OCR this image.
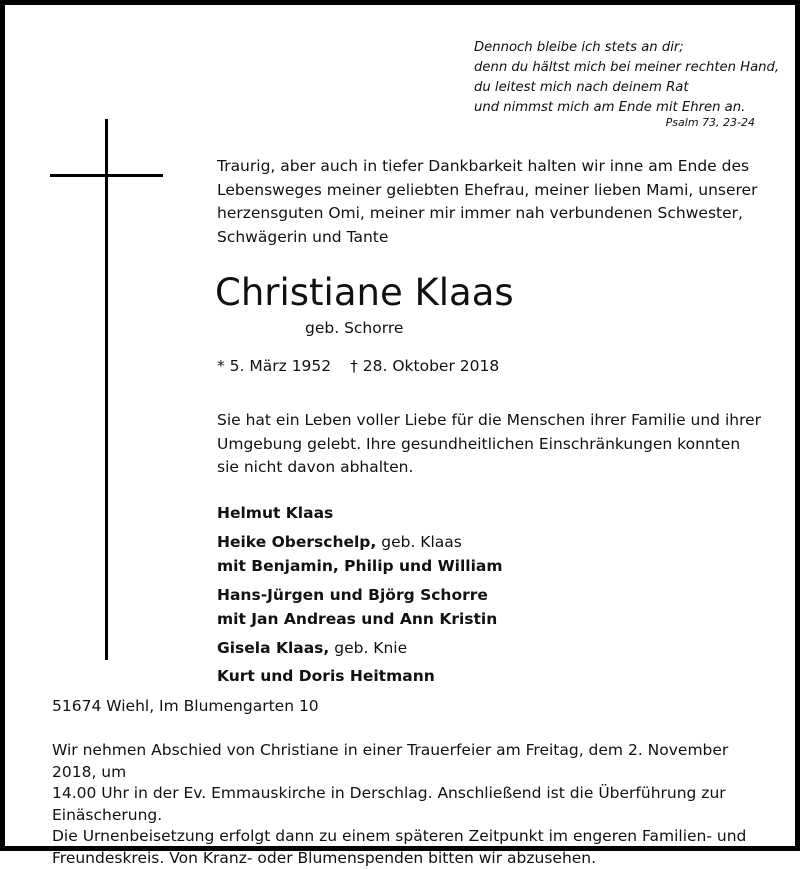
Dennoch bleibe ich stets an dir;
denn du hältst mich bei meiner rechten Hand,
du leitest mich nach deinem Rat
und nimmst mich am Ende mit Ehren an.
Psalm 73, 23-24
Traurig, aber auch in tiefer Dankbarkeit halten wir inne am Ende des
Lebensweges meiner geliebten Ehefrau, meiner lieben Mami, unserer
herzensguten Omi, meiner mir immer nah verbundenen Schwester,
Schwägerin und Tante
Christiane Klaas
geb. Schorre
* 5. März 1952 † 28. Oktober 2018
Sie hat ein Leben voller Liebe für die Menschen ihrer Familie und ihrer
Umgebung gelebt. Ihre gesundheitlichen Einschränkungen konnten
sie nicht davon abhalten.
Helmut Klaas
Heike Oberschelp, geb. Klaas
mit Benjamin, Philip und William
Hans-Jürgen und Björg Schorre
mit Jan Andreas und Ann Kristin
Gisela Klaas, geb. Knie
Kurt und Doris Heitmann
51674 Wiehl, Im Blumengarten 10
Wir nehmen Abschied von Christiane in einer Trauerfeier am Freitag, dem 2. November 2018, um
14.00 Uhr in der Ev. Emmauskirche in Derschlag. Anschließend ist die Überführung zur Einäscherung.
Die Urnenbeisetzung erfolgt dann zu einem späteren Zeitpunkt im engeren Familien- und
Freundeskreis. Von Kranz- oder Blumenspenden bitten wir abzusehen.
